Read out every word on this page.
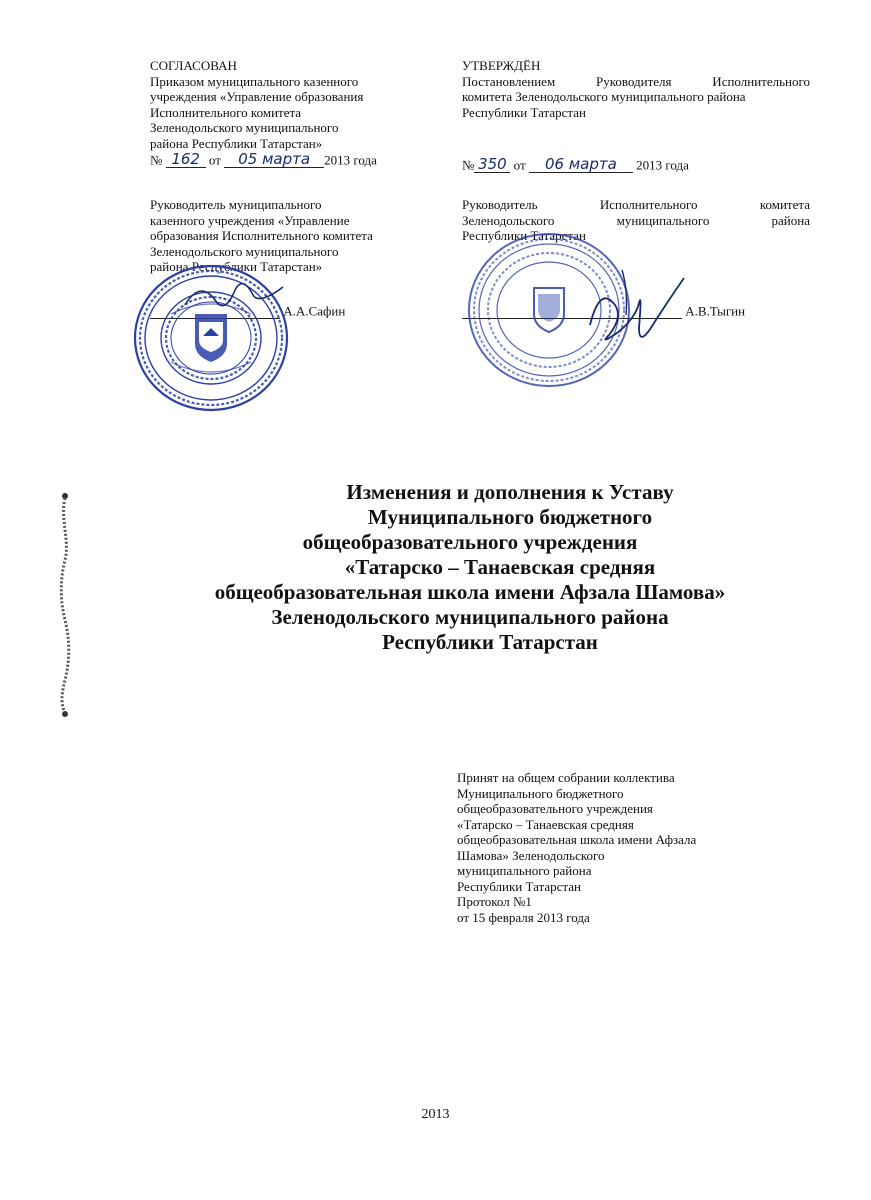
СОГЛАСОВАН
Приказом муниципального казенного
учреждения «Управление образования
Исполнительного комитета
Зеленодольского муниципального
района Республики Татарстан»
№ 162 от 05 марта 2013 года
Руководитель муниципального
казенного учреждения «Управление
образования Исполнительного комитета
Зеленодольского муниципального
района Республики Татарстан»
А.А.Сафин
УТВЕРЖДЁН
Постановлением Руководителя Исполнительного
комитета Зеленодольского муниципального района
Республики Татарстан
№ 350 от 06 марта 2013 года
Руководитель Исполнительного комитета
Зеленодольского муниципального района
Республики Татарстан
А.В.Тыгин
Изменения и дополнения к Уставу
Муниципального бюджетного
общеобразовательного учреждения
«Татарско – Танаевская средняя
общеобразовательная школа имени Афзала Шамова»
Зеленодольского муниципального района
Республики Татарстан
Принят на общем собрании коллектива
Муниципального бюджетного
общеобразовательного учреждения
«Татарско – Танаевская средняя
общеобразовательная школа имени Афзала
Шамова» Зеленодольского
муниципального района
Республики Татарстан
Протокол №1
от 15 февраля 2013 года
2013
